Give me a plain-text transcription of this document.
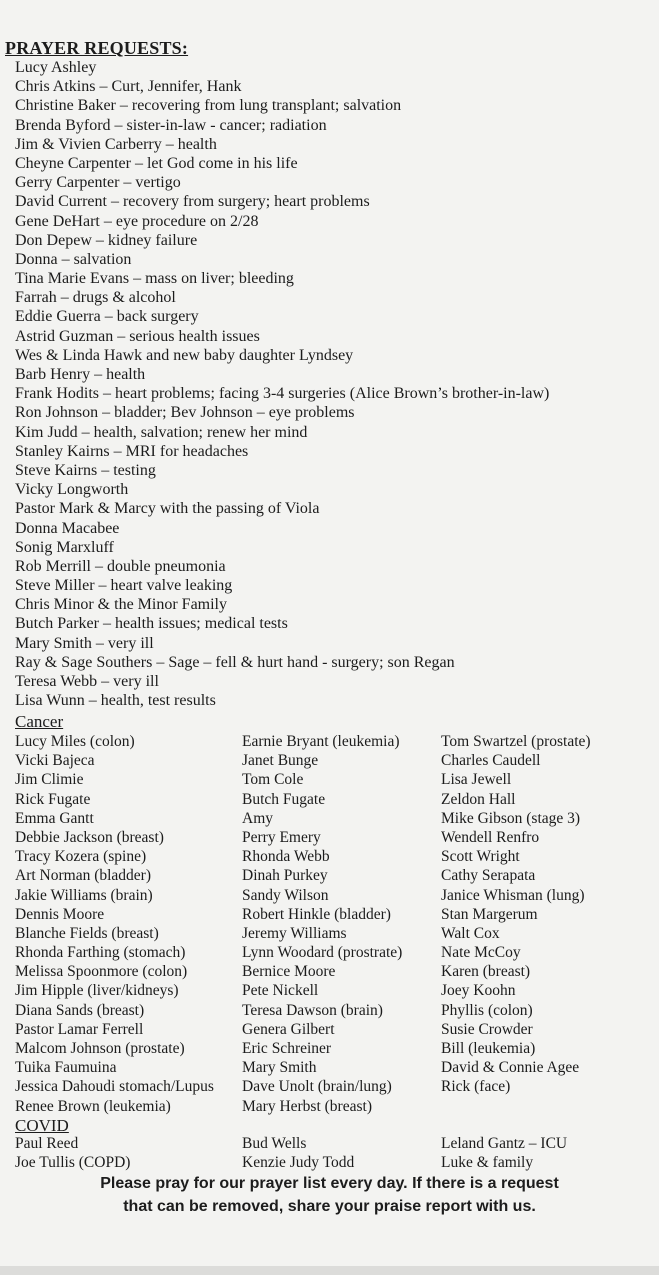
PRAYER REQUESTS:
Lucy Ashley
Chris Atkins – Curt, Jennifer, Hank
Christine Baker – recovering from lung transplant; salvation
Brenda Byford – sister-in-law - cancer; radiation
Jim & Vivien Carberry – health
Cheyne Carpenter – let God come in his life
Gerry Carpenter – vertigo
David Current – recovery from surgery; heart problems
Gene DeHart – eye procedure on 2/28
Don Depew – kidney failure
Donna – salvation
Tina Marie Evans – mass on liver; bleeding
Farrah – drugs & alcohol
Eddie Guerra – back surgery
Astrid Guzman – serious health issues
Wes & Linda Hawk and new baby daughter Lyndsey
Barb Henry – health
Frank Hodits – heart problems; facing 3-4 surgeries (Alice Brown’s brother-in-law)
Ron Johnson – bladder; Bev Johnson – eye problems
Kim Judd – health, salvation; renew her mind
Stanley Kairns – MRI for headaches
Steve Kairns – testing
Vicky Longworth
Pastor Mark & Marcy with the passing of Viola
Donna Macabee
Sonig Marxluff
Rob Merrill – double pneumonia
Steve Miller – heart valve leaking
Chris Minor & the Minor Family
Butch Parker – health issues; medical tests
Mary Smith – very ill
Ray & Sage Southers – Sage – fell & hurt hand - surgery; son Regan
Teresa Webb – very ill
Lisa Wunn – health, test results
Cancer
Lucy Miles (colon)
Vicki Bajeca
Jim Climie
Rick Fugate
Emma Gantt
Debbie Jackson (breast)
Tracy Kozera (spine)
Art Norman (bladder)
Jakie Williams (brain)
Dennis Moore
Blanche Fields (breast)
Rhonda Farthing (stomach)
Melissa Spoonmore (colon)
Jim Hipple (liver/kidneys)
Diana Sands (breast)
Pastor Lamar Ferrell
Malcom Johnson (prostate)
Tuika Faumuina
Jessica Dahoudi stomach/Lupus
Renee Brown (leukemia)
Earnie Bryant (leukemia)
Janet Bunge
Tom Cole
Butch Fugate
Amy
Perry Emery
Rhonda Webb
Dinah Purkey
Sandy Wilson
Robert Hinkle (bladder)
Jeremy Williams
Lynn Woodard (prostrate)
Bernice Moore
Pete Nickell
Teresa Dawson (brain)
Genera Gilbert
Eric Schreiner
Mary Smith
Dave Unolt (brain/lung)
Mary Herbst (breast)
Tom Swartzel (prostate)
Charles Caudell
Lisa Jewell
Zeldon Hall
Mike Gibson (stage 3)
Wendell Renfro
Scott Wright
Cathy Serapata
Janice Whisman (lung)
Stan Margerum
Walt Cox
Nate McCoy
Karen (breast)
Joey Koohn
Phyllis (colon)
Susie Crowder
Bill (leukemia)
David & Connie Agee
Rick (face)
COVID
Paul Reed
Joe Tullis (COPD)
Bud Wells
Kenzie Judy Todd
Leland Gantz – ICU
Luke & family
Please pray for our prayer list every day. If there is a request
that can be removed, share your praise report with us.
